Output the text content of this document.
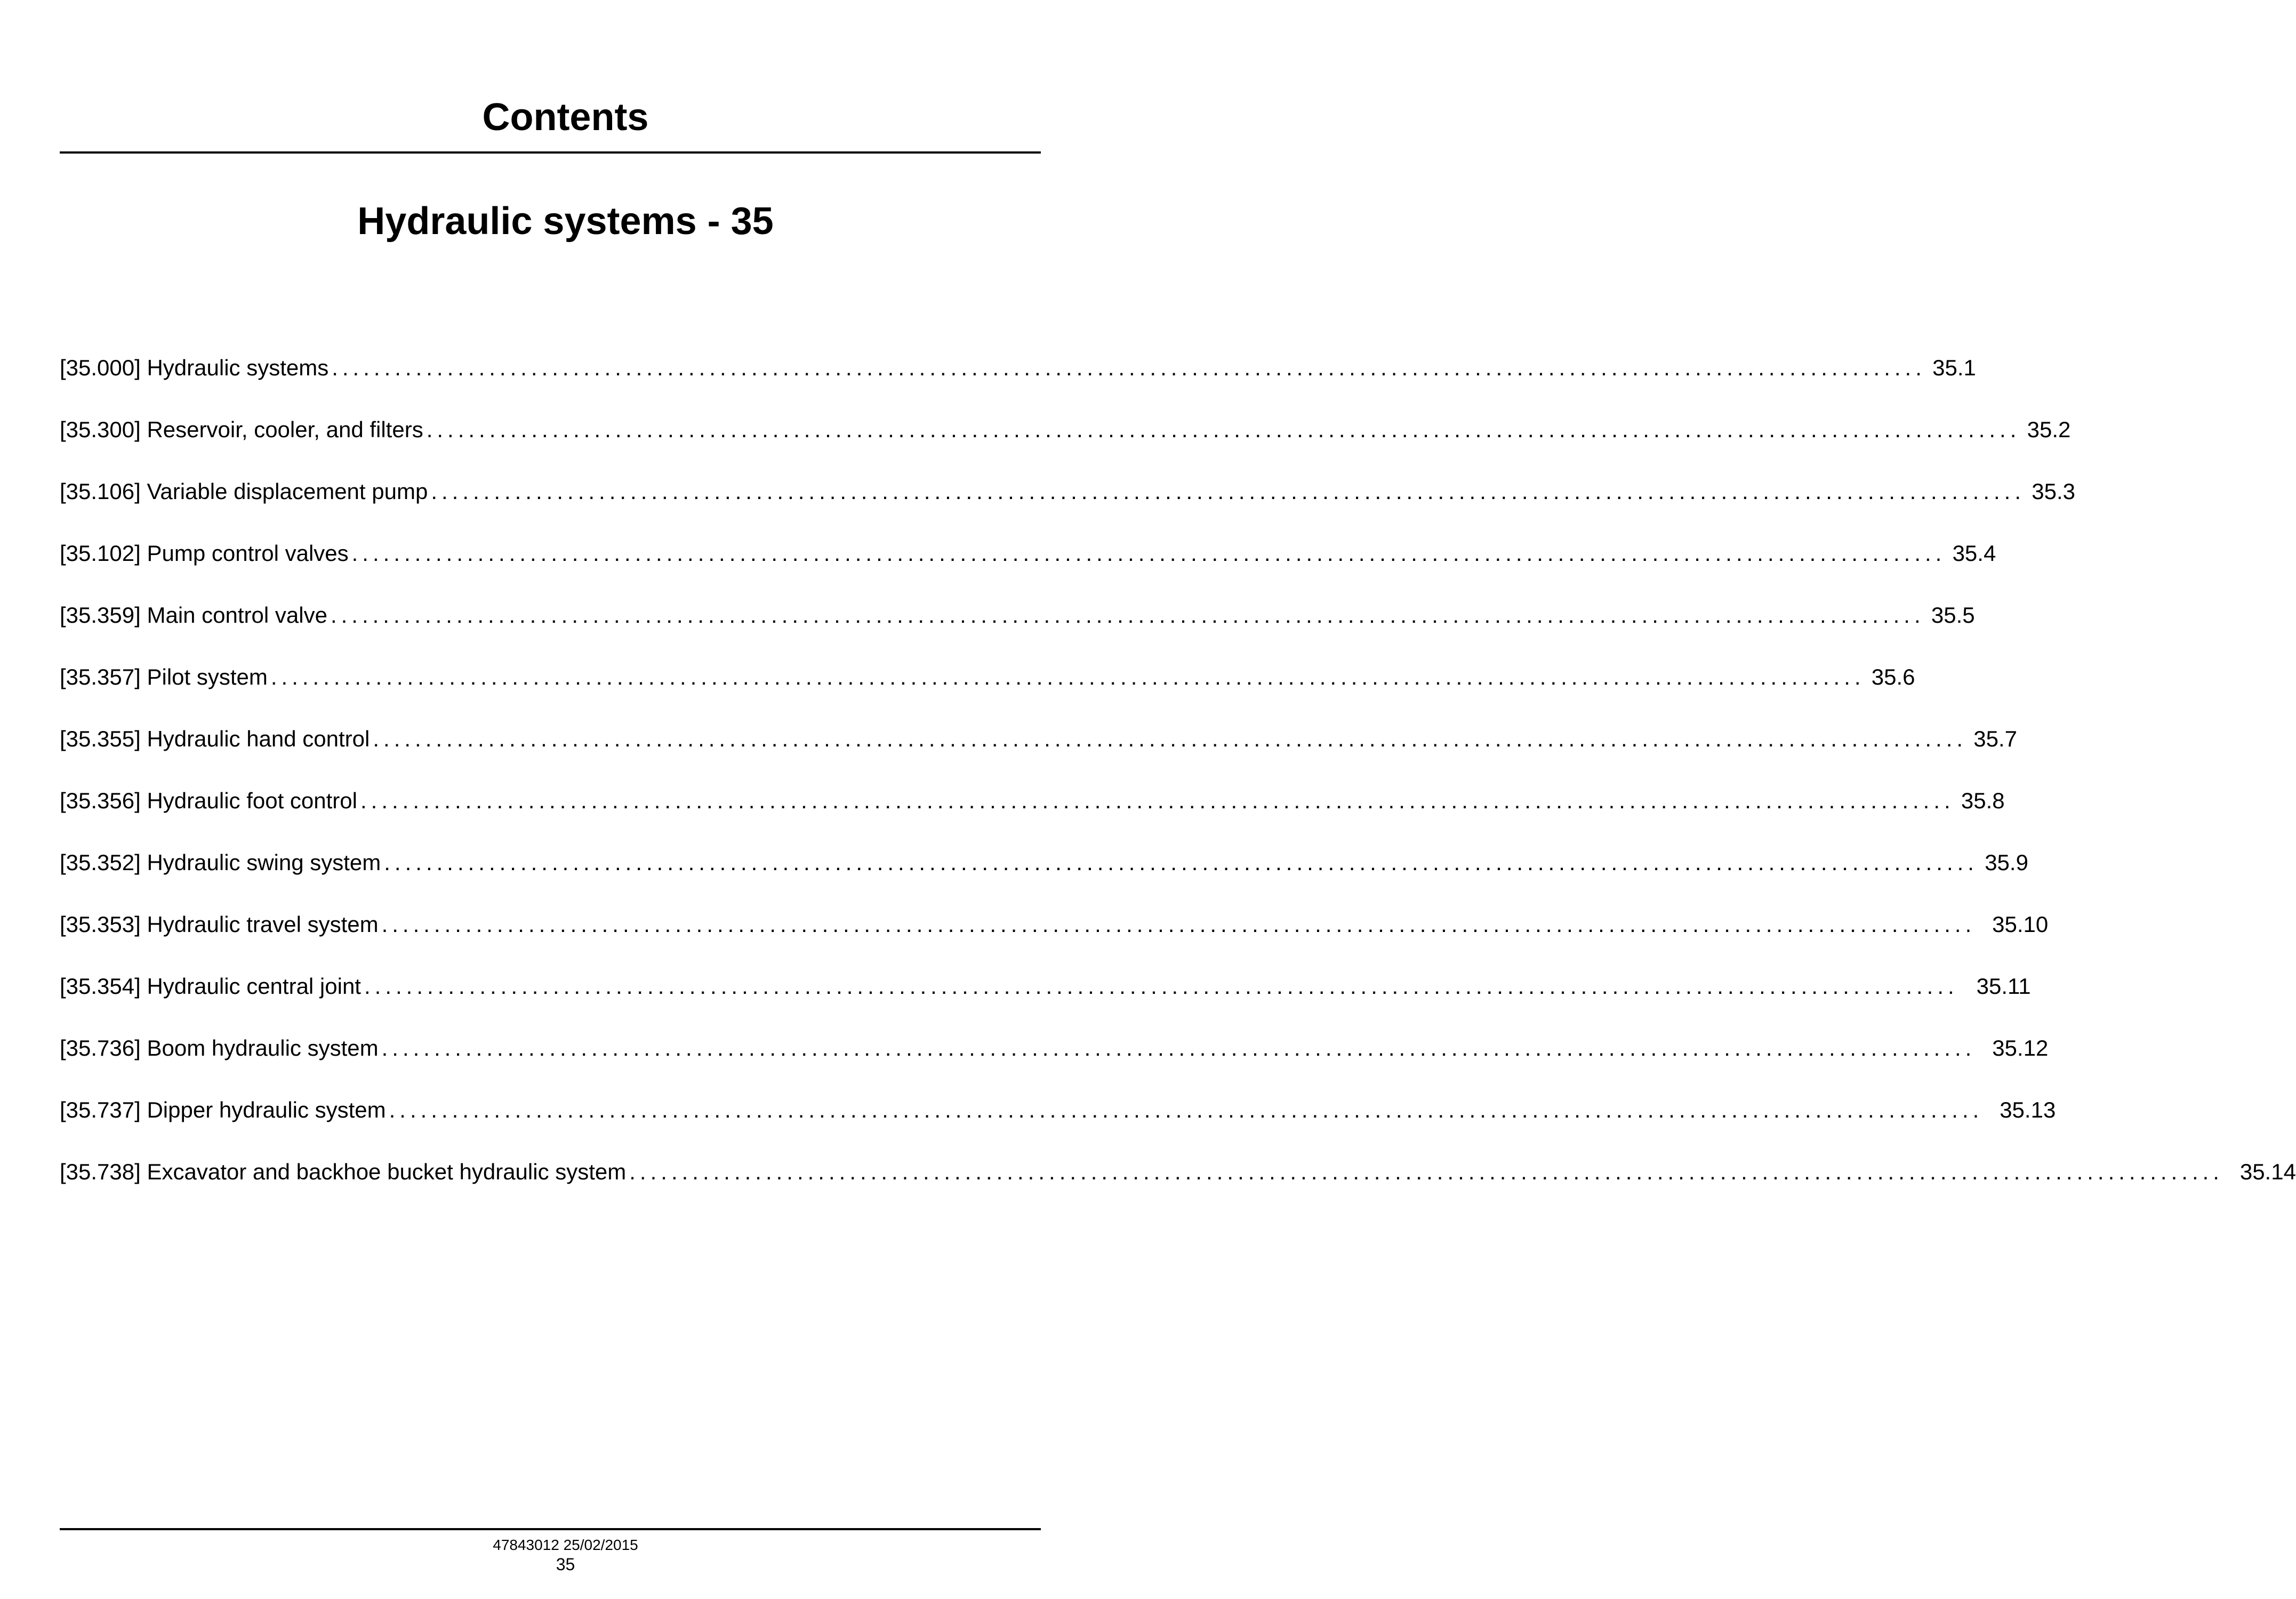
Contents
Hydraulic systems - 35
[35.000] Hydraulic systems ........................................................................................................................................................ 35.1
[35.300] Reservoir, cooler, and filters ........................................................................................................................................................ 35.2
[35.106] Variable displacement pump ........................................................................................................................................................ 35.3
[35.102] Pump control valves ........................................................................................................................................................ 35.4
[35.359] Main control valve ........................................................................................................................................................ 35.5
[35.357] Pilot system ........................................................................................................................................................ 35.6
[35.355] Hydraulic hand control ........................................................................................................................................................ 35.7
[35.356] Hydraulic foot control ........................................................................................................................................................ 35.8
[35.352] Hydraulic swing system ........................................................................................................................................................ 35.9
[35.353] Hydraulic travel system ........................................................................................................................................................ 35.10
[35.354] Hydraulic central joint ........................................................................................................................................................ 35.11
[35.736] Boom hydraulic system ........................................................................................................................................................ 35.12
[35.737] Dipper hydraulic system ........................................................................................................................................................ 35.13
[35.738] Excavator and backhoe bucket hydraulic system ........................................................................................................................................................ 35.14
47843012 25/02/2015
35
